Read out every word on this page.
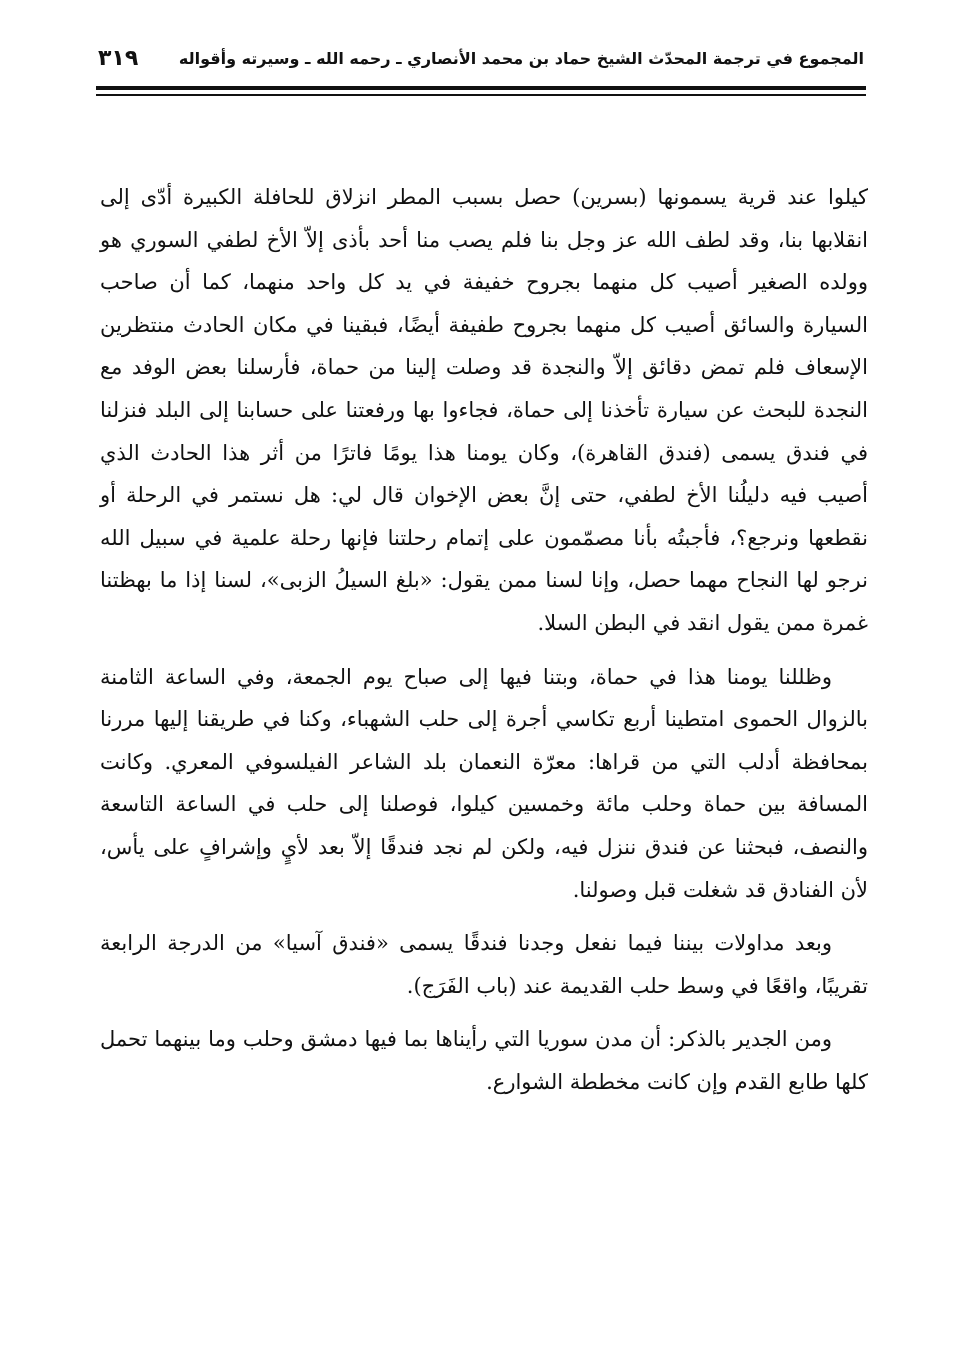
المجموع في ترجمة المحدّث الشيخ حماد بن محمد الأنصاري ـ رحمه الله ـ وسيرته وأقواله
٣١٩

كيلوا عند قرية يسمونها (بسرين) حصل بسبب المطر انزلاق للحافلة الكبيرة أدّى إلى انقلابها بنا، وقد لطف الله عز وجل بنا فلم يصب منا أحد بأذى إلاّ الأخ لطفي السوري هو وولده الصغير أصيب كل منهما بجروح خفيفة في يد كل واحد منهما، كما أن صاحب السيارة والسائق أصيب كل منهما بجروح طفيفة أيضًا، فبقينا في مكان الحادث منتظرين الإسعاف فلم تمض دقائق إلاّ والنجدة قد وصلت إلينا من حماة، فأرسلنا بعض الوفد مع النجدة للبحث عن سيارة تأخذنا إلى حماة، فجاءوا بها ورفعتنا على حسابنا إلى البلد فنزلنا في فندق يسمى (فندق القاهرة)، وكان يومنا هذا يومًا فاترًا من أثر هذا الحادث الذي أصيب فيه دليلُنا الأخ لطفي، حتى إنَّ بعض الإخوان قال لي: هل نستمر في الرحلة أو نقطعها ونرجع؟، فأجبتُه بأنا مصمّمون على إتمام رحلتنا فإنها رحلة علمية في سبيل الله نرجو لها النجاح مهما حصل، وإنا لسنا ممن يقول: «بلغ السيلُ الزبى»، لسنا إذا ما بهظتنا غمرة ممن يقول انقد في البطن السلا.

وظللنا يومنا هذا في حماة، وبتنا فيها إلى صباح يوم الجمعة، وفي الساعة الثامنة بالزوال الحموى امتطينا أربع تكاسي أجرة إلى حلب الشهباء، وكنا في طريقنا إليها مررنا بمحافظة أدلب التي من قراها: معرّة النعمان بلد الشاعر الفيلسوفي المعري. وكانت المسافة بين حماة وحلب مائة وخمسين كيلوا، فوصلنا إلى حلب في الساعة التاسعة والنصف، فبحثنا عن فندق ننزل فيه، ولكن لم نجد فندقًا إلاّ بعد لأيٍ وإشرافٍ على يأس، لأن الفنادق قد شغلت قبل وصولنا.

وبعد مداولات بيننا فيما نفعل وجدنا فندقًا يسمى «فندق آسيا» من الدرجة الرابعة تقريبًا، واقعًا في وسط حلب القديمة عند (باب الفَرَج).

ومن الجدير بالذكر: أن مدن سوريا التي رأيناها بما فيها دمشق وحلب وما بينهما تحمل كلها طابع القدم وإن كانت مخططة الشوارع.
